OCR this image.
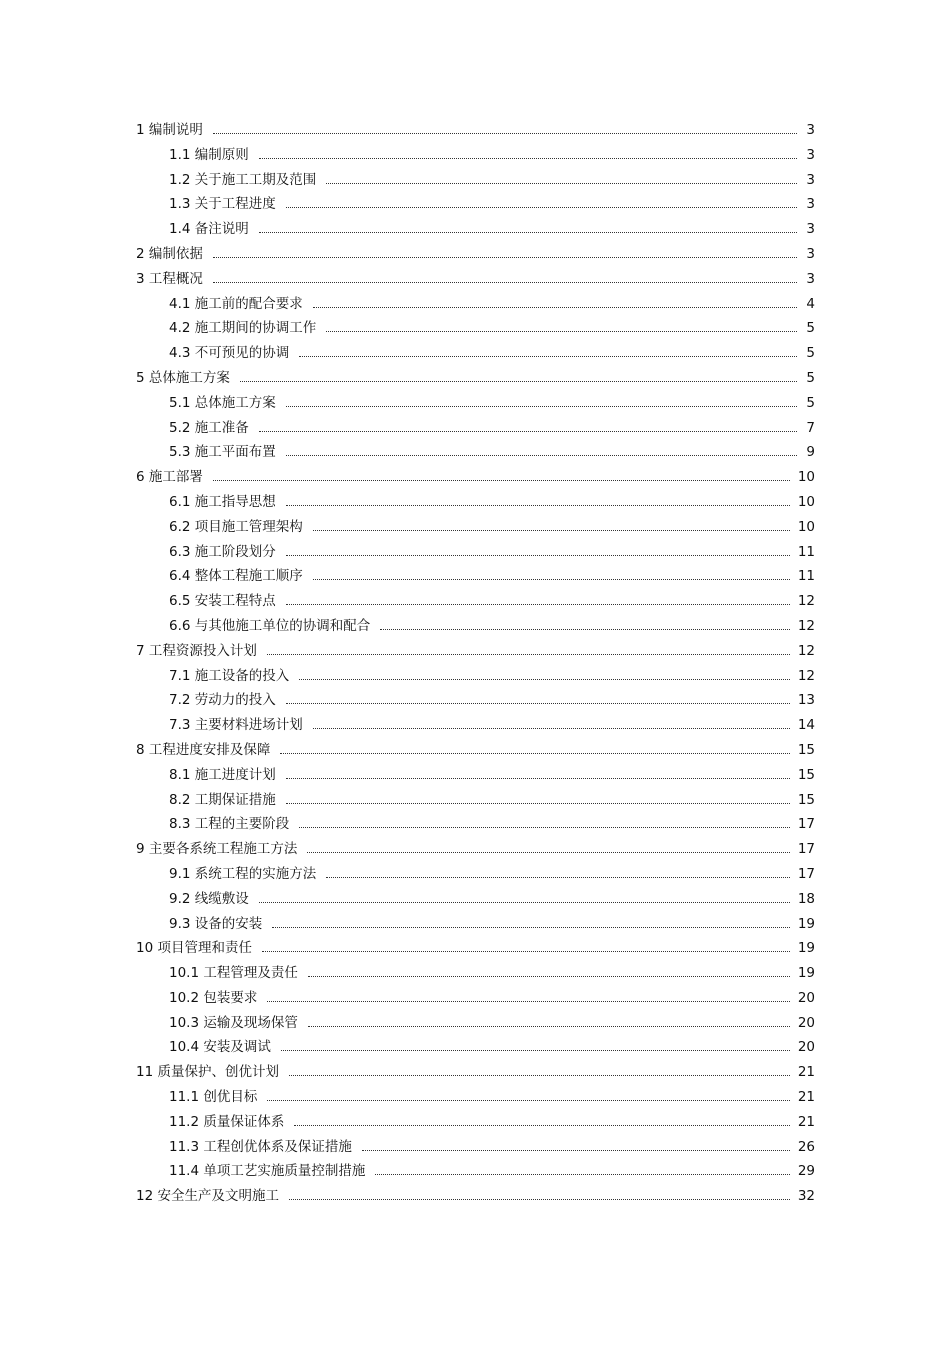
1 编制说明	3
1.1 编制原则	3
1.2 关于施工工期及范围	3
1.3 关于工程进度	3
1.4 备注说明	3
2 编制依据	3
3 工程概况	3
4.1 施工前的配合要求	4
4.2 施工期间的协调工作	5
4.3 不可预见的协调	5
5 总体施工方案	5
5.1 总体施工方案	5
5.2 施工准备	7
5.3 施工平面布置	9
6 施工部署	10
6.1 施工指导思想	10
6.2 项目施工管理架构	10
6.3 施工阶段划分	11
6.4 整体工程施工顺序	11
6.5 安装工程特点	12
6.6 与其他施工单位的协调和配合	12
7 工程资源投入计划	12
7.1 施工设备的投入	12
7.2 劳动力的投入	13
7.3 主要材料进场计划	14
8 工程进度安排及保障	15
8.1 施工进度计划	15
8.2 工期保证措施	15
8.3 工程的主要阶段	17
9 主要各系统工程施工方法	17
9.1 系统工程的实施方法	17
9.2 线缆敷设	18
9.3 设备的安装	19
10 项目管理和责任	19
10.1 工程管理及责任	19
10.2 包装要求	20
10.3 运输及现场保管	20
10.4 安装及调试	20
11 质量保护、创优计划	21
11.1 创优目标	21
11.2 质量保证体系	21
11.3 工程创优体系及保证措施	26
11.4 单项工艺实施质量控制措施	29
12 安全生产及文明施工	32
